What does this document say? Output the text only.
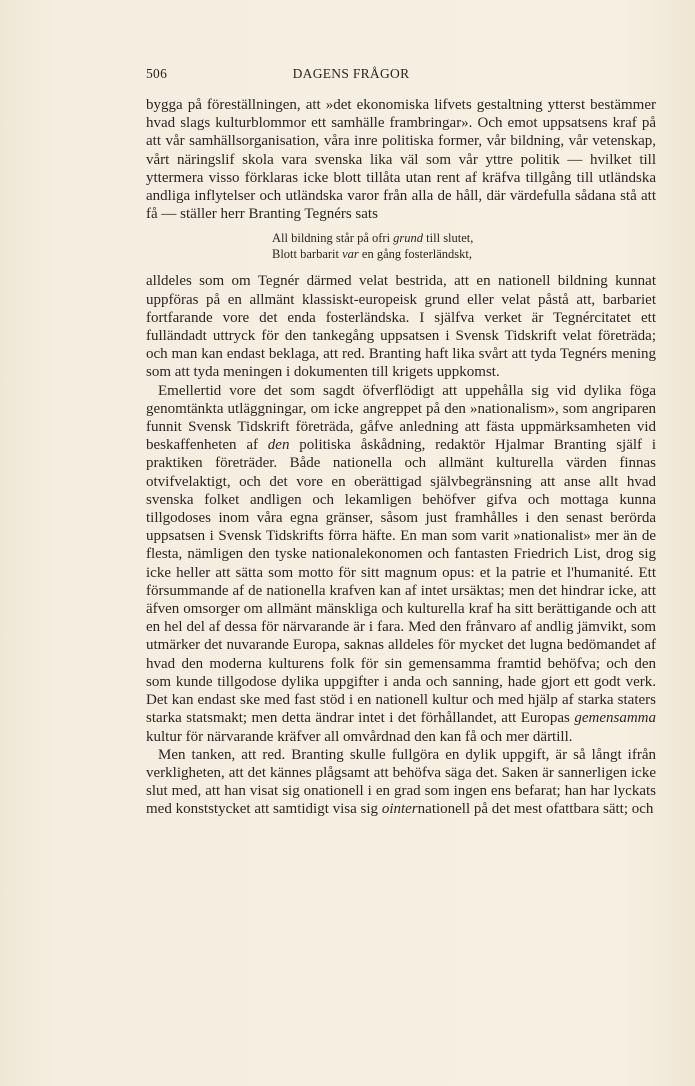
506	DAGENS FRÅGOR

bygga på föreställningen, att »det ekonomiska lifvets gestaltning ytterst bestämmer hvad slags kulturblommor ett samhälle frambringar». Och emot uppsatsens kraf på att vår samhällsorganisation, våra inre politiska former, vår bildning, vår vetenskap, vårt näringslif skola vara svenska lika väl som vår yttre politik — hvilket till yttermera visso förklaras icke blott tillåta utan rent af kräfva tillgång till utländska andliga inflytelser och utländska varor från alla de håll, där värdefulla sådana stå att få — ställer herr Branting Tegnérs sats

All bildning står på ofri grund till slutet,
Blott barbarit var en gång fosterländskt,

alldeles som om Tegnér därmed velat bestrida, att en nationell bildning kunnat uppföras på en allmänt klassiskt-europeisk grund eller velat påstå att, barbariet fortfarande vore det enda fosterländska. I själfva verket är Tegnércitatet ett fulländadt uttryck för den tankegång uppsatsen i Svensk Tidskrift velat företräda; och man kan endast beklaga, att red. Branting haft lika svårt att tyda Tegnérs mening som att tyda meningen i dokumenten till krigets uppkomst.

Emellertid vore det som sagdt öfverflödigt att uppehålla sig vid dylika föga genomtänkta utläggningar, om icke angreppet på den »nationalism», som angriparen funnit Svensk Tidskrift företräda, gåfve anledning att fästa uppmärksamheten vid beskaffenheten af den politiska åskådning, redaktör Hjalmar Branting själf i praktiken företräder. Både nationella och allmänt kulturella värden finnas otvifvelaktigt, och det vore en oberättigad självbegränsning att anse allt hvad svenska folket andligen och lekamligen behöfver gifva och mottaga kunna tillgodoses inom våra egna gränser, såsom just framhålles i den senast berörda uppsatsen i Svensk Tidskrifts förra häfte. En man som varit »nationalist» mer än de flesta, nämligen den tyske nationalekonomen och fantasten Friedrich List, drog sig icke heller att sätta som motto för sitt magnum opus: et la patrie et l'humanité. Ett försummande af de nationella krafven kan af intet ursäktas; men det hindrar icke, att äfven omsorger om allmänt mänskliga och kulturella kraf ha sitt berättigande och att en hel del af dessa för närvarande är i fara. Med den frånvaro af andlig jämvikt, som utmärker det nuvarande Europa, saknas alldeles för mycket det lugna bedömandet af hvad den moderna kulturens folk för sin gemensamma framtid behöfva; och den som kunde tillgodose dylika uppgifter i anda och sanning, hade gjort ett godt verk. Det kan endast ske med fast stöd i en nationell kultur och med hjälp af starka staters starka statsmakt; men detta ändrar intet i det förhållandet, att Europas gemensamma kultur för närvarande kräfver all omvårdnad den kan få och mer därtill.

Men tanken, att red. Branting skulle fullgöra en dylik uppgift, är så långt ifrån verkligheten, att det kännes plågsamt att behöfva säga det. Saken är sannerligen icke slut med, att han visat sig onationell i en grad som ingen ens befarat; han har lyckats med konststycket att samtidigt visa sig ointernationell på det mest ofattbara sätt; och
